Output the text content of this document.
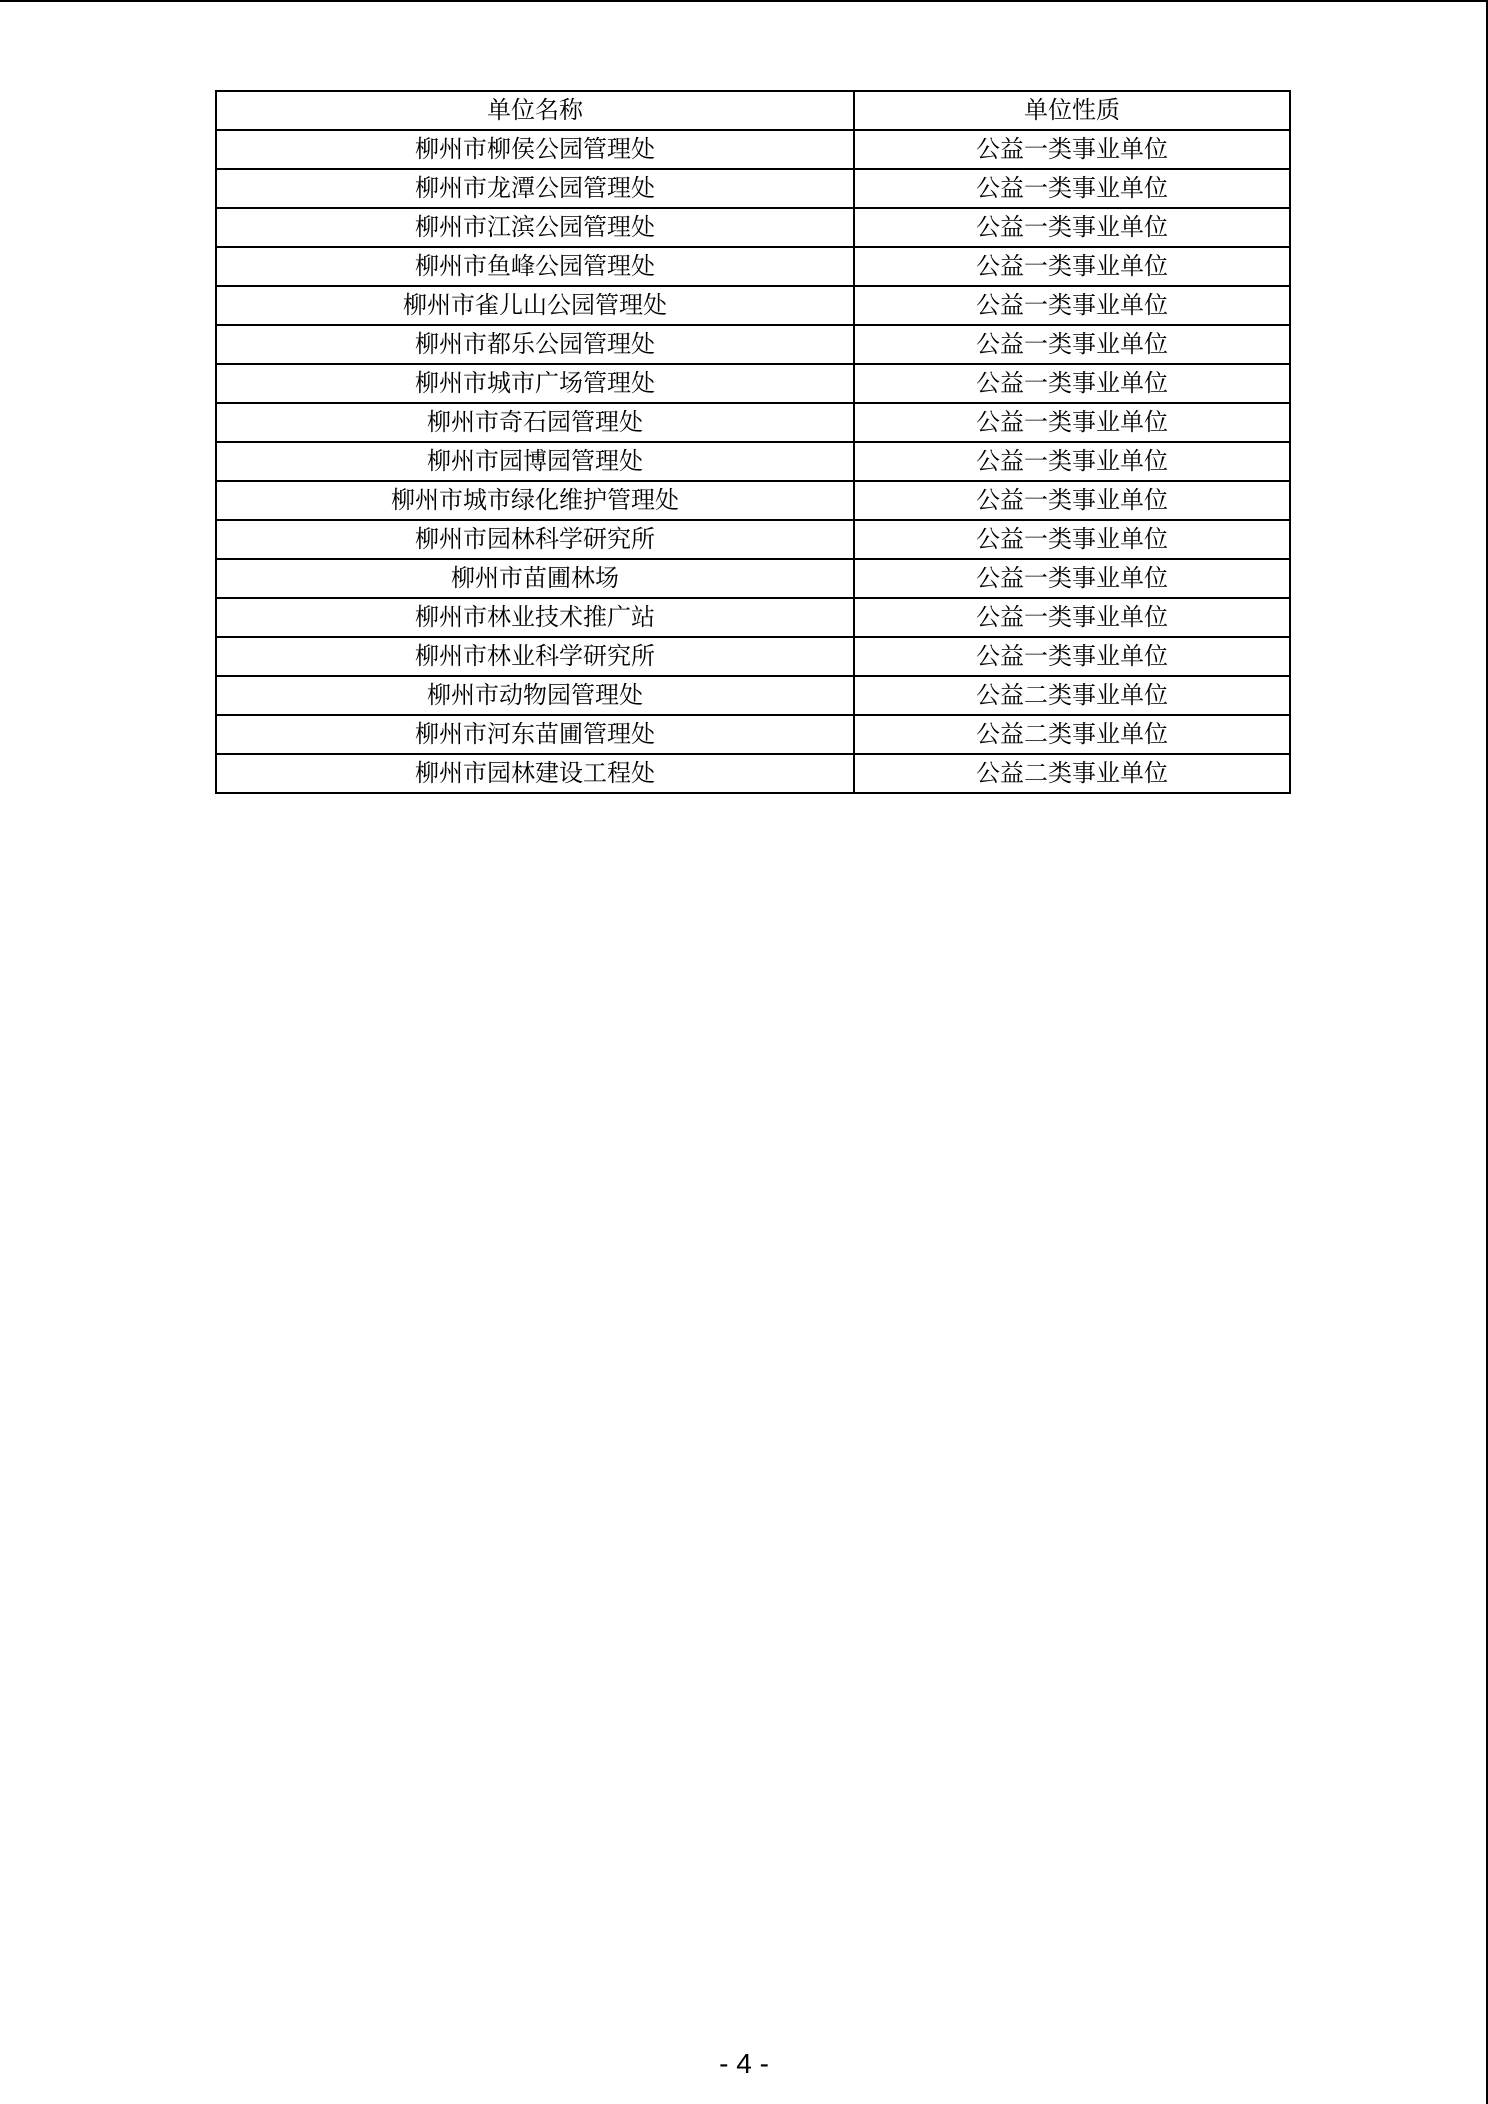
单位名称	单位性质
柳州市柳侯公园管理处	公益一类事业单位
柳州市龙潭公园管理处	公益一类事业单位
柳州市江滨公园管理处	公益一类事业单位
柳州市鱼峰公园管理处	公益一类事业单位
柳州市雀儿山公园管理处	公益一类事业单位
柳州市都乐公园管理处	公益一类事业单位
柳州市城市广场管理处	公益一类事业单位
柳州市奇石园管理处	公益一类事业单位
柳州市园博园管理处	公益一类事业单位
柳州市城市绿化维护管理处	公益一类事业单位
柳州市园林科学研究所	公益一类事业单位
柳州市苗圃林场	公益一类事业单位
柳州市林业技术推广站	公益一类事业单位
柳州市林业科学研究所	公益一类事业单位
柳州市动物园管理处	公益二类事业单位
柳州市河东苗圃管理处	公益二类事业单位
柳州市园林建设工程处	公益二类事业单位
- 4 -
